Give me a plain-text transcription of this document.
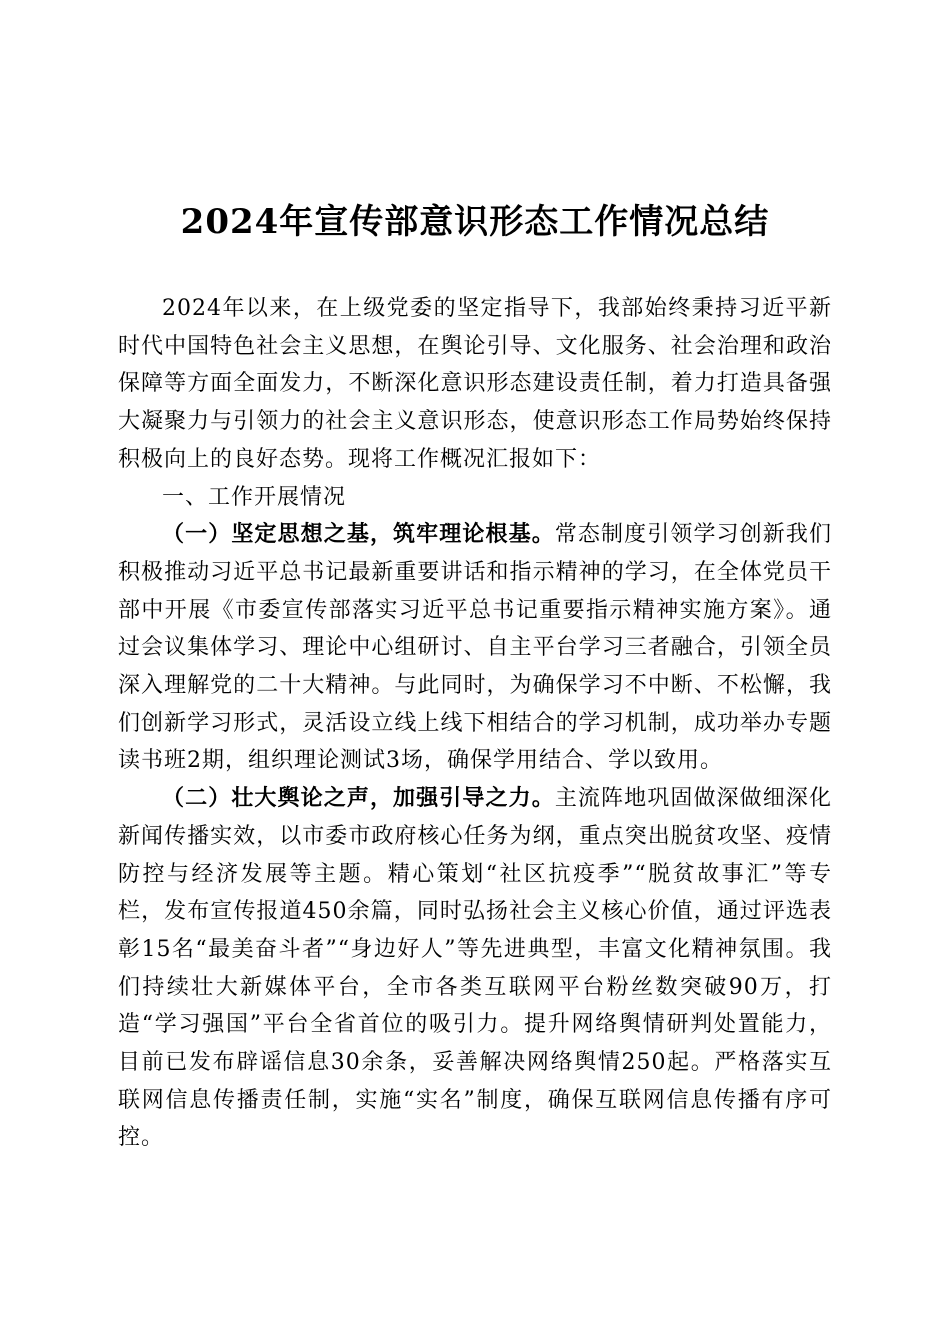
2024年宣传部意识形态工作情况总结

2024年以来，在上级党委的坚定指导下，我部始终秉持习近平新时代中国特色社会主义思想，在舆论引导、文化服务、社会治理和政治保障等方面全面发力，不断深化意识形态建设责任制，着力打造具备强大凝聚力与引领力的社会主义意识形态，使意识形态工作局势始终保持积极向上的良好态势。现将工作概况汇报如下：

一、工作开展情况

（一）坚定思想之基，筑牢理论根基。常态制度引领学习创新我们积极推动习近平总书记最新重要讲话和指示精神的学习，在全体党员干部中开展《市委宣传部落实习近平总书记重要指示精神实施方案》。通过会议集体学习、理论中心组研讨、自主平台学习三者融合，引领全员深入理解党的二十大精神。与此同时，为确保学习不中断、不松懈，我们创新学习形式，灵活设立线上线下相结合的学习机制，成功举办专题读书班2期，组织理论测试3场，确保学用结合、学以致用。

（二）壮大舆论之声，加强引导之力。主流阵地巩固做深做细深化新闻传播实效，以市委市政府核心任务为纲，重点突出脱贫攻坚、疫情防控与经济发展等主题。精心策划“社区抗疫季”“脱贫故事汇”等专栏，发布宣传报道450余篇，同时弘扬社会主义核心价值，通过评选表彰15名“最美奋斗者”“身边好人”等先进典型，丰富文化精神氛围。我们持续壮大新媒体平台，全市各类互联网平台粉丝数突破90万，打造“学习强国”平台全省首位的吸引力。提升网络舆情研判处置能力，目前已发布辟谣信息30余条，妥善解决网络舆情250起。严格落实互联网信息传播责任制，实施“实名”制度，确保互联网信息传播有序可控。
